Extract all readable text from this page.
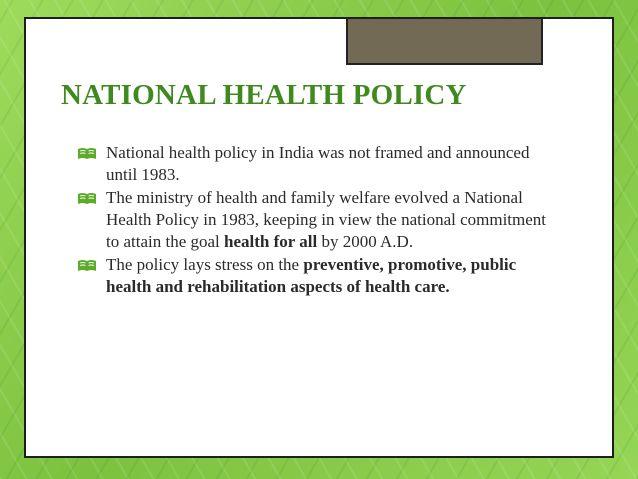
NATIONAL HEALTH POLICY
National health policy in India was not framed and announced until 1983.
The ministry of health and family welfare evolved a National Health Policy in 1983, keeping in view the national commitment to attain the goal health for all by 2000 A.D.
The policy lays stress on the preventive, promotive, public health and rehabilitation aspects of health care.
